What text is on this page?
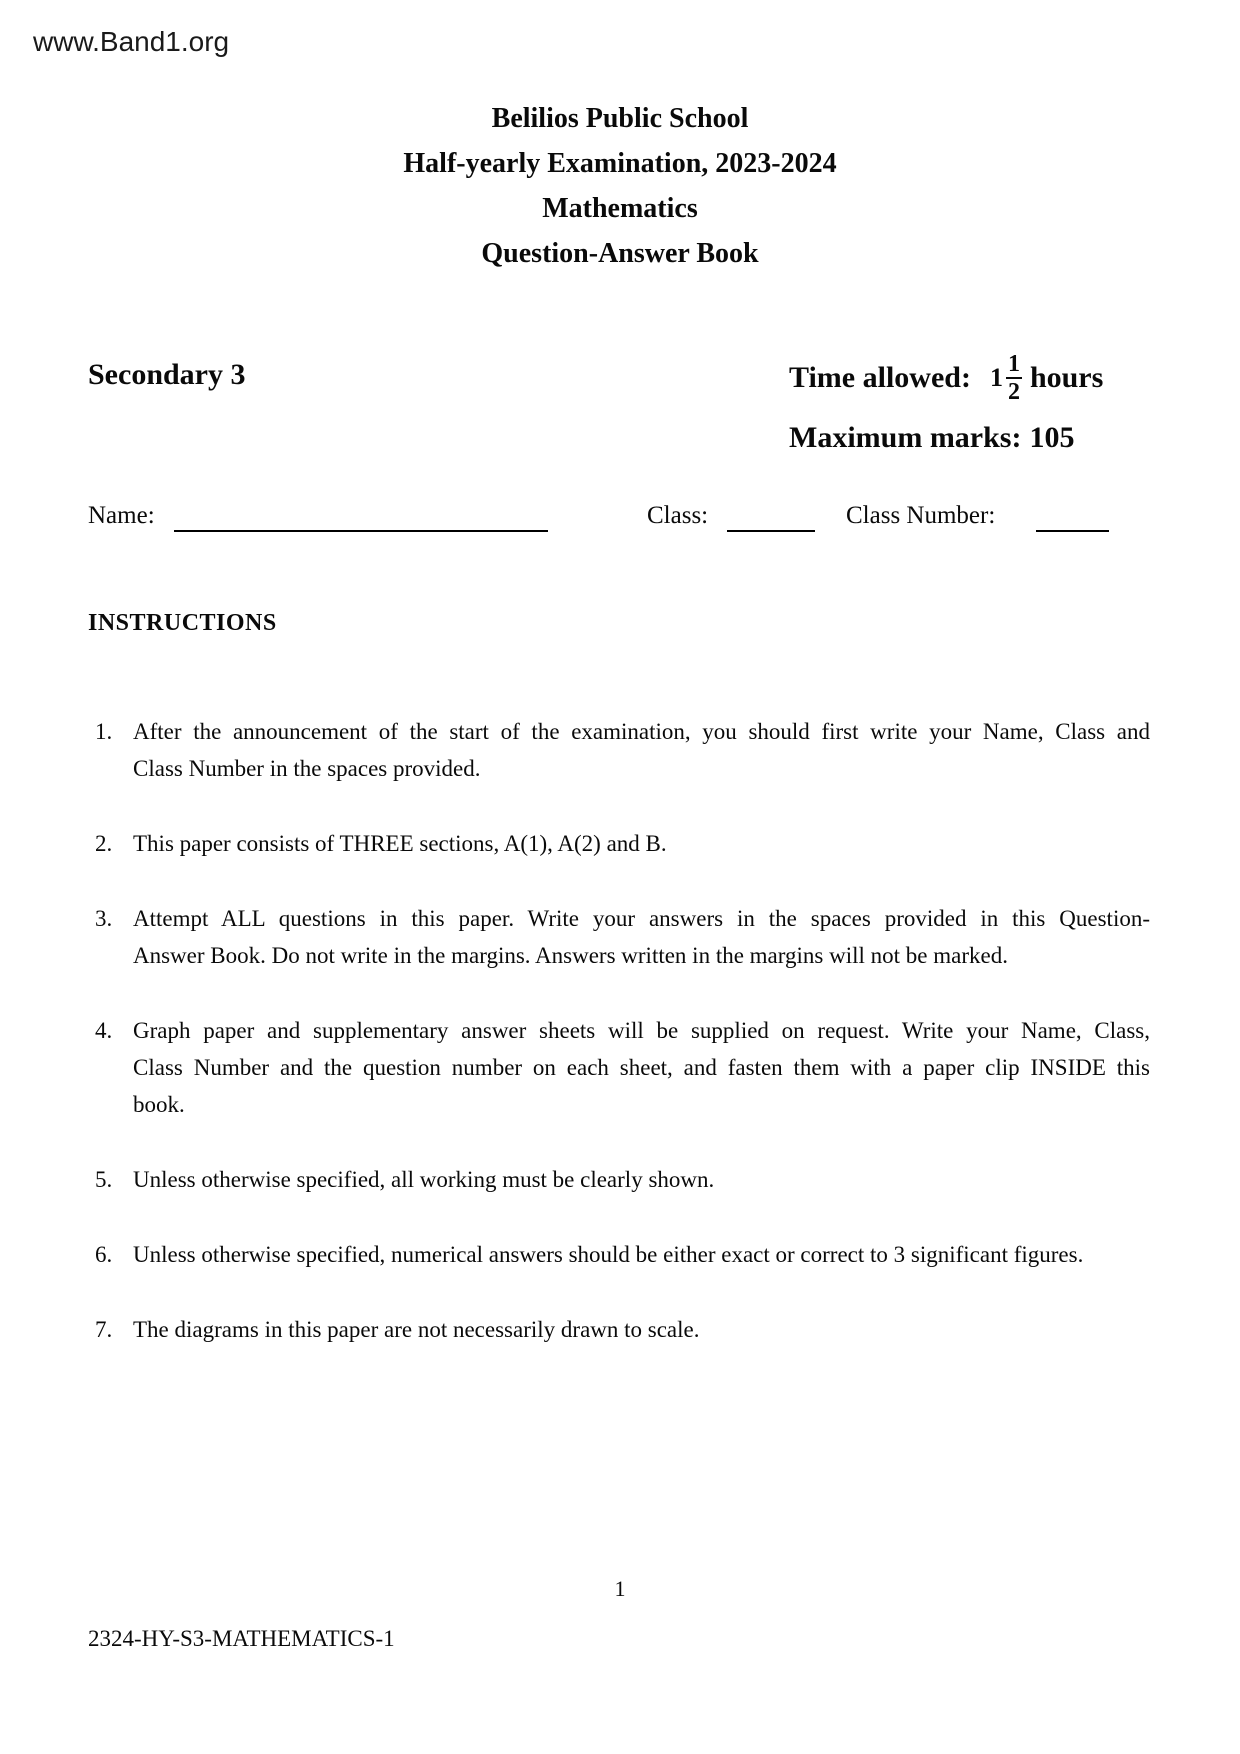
www.Band1.org
Belilios Public School
Half-yearly Examination, 2023-2024
Mathematics
Question-Answer Book
Secondary 3	Time allowed: $1 \frac{1}{2}$ hours
Maximum marks: 105
Name:	Class:	Class Number:
INSTRUCTIONS
1. After the announcement of the start of the examination, you should first write your Name, Class and
Class Number in the spaces provided.
2. This paper consists of THREE sections, A(1), A(2) and B.
3. Attempt ALL questions in this paper. Write your answers in the spaces provided in this Question-
Answer Book. Do not write in the margins. Answers written in the margins will not be marked.
4. Graph paper and supplementary answer sheets will be supplied on request. Write your Name, Class,
Class Number and the question number on each sheet, and fasten them with a paper clip INSIDE this
book.
5. Unless otherwise specified, all working must be clearly shown.
6. Unless otherwise specified, numerical answers should be either exact or correct to 3 significant figures.
7. The diagrams in this paper are not necessarily drawn to scale.
1
2324-HY-S3-MATHEMATICS-1
